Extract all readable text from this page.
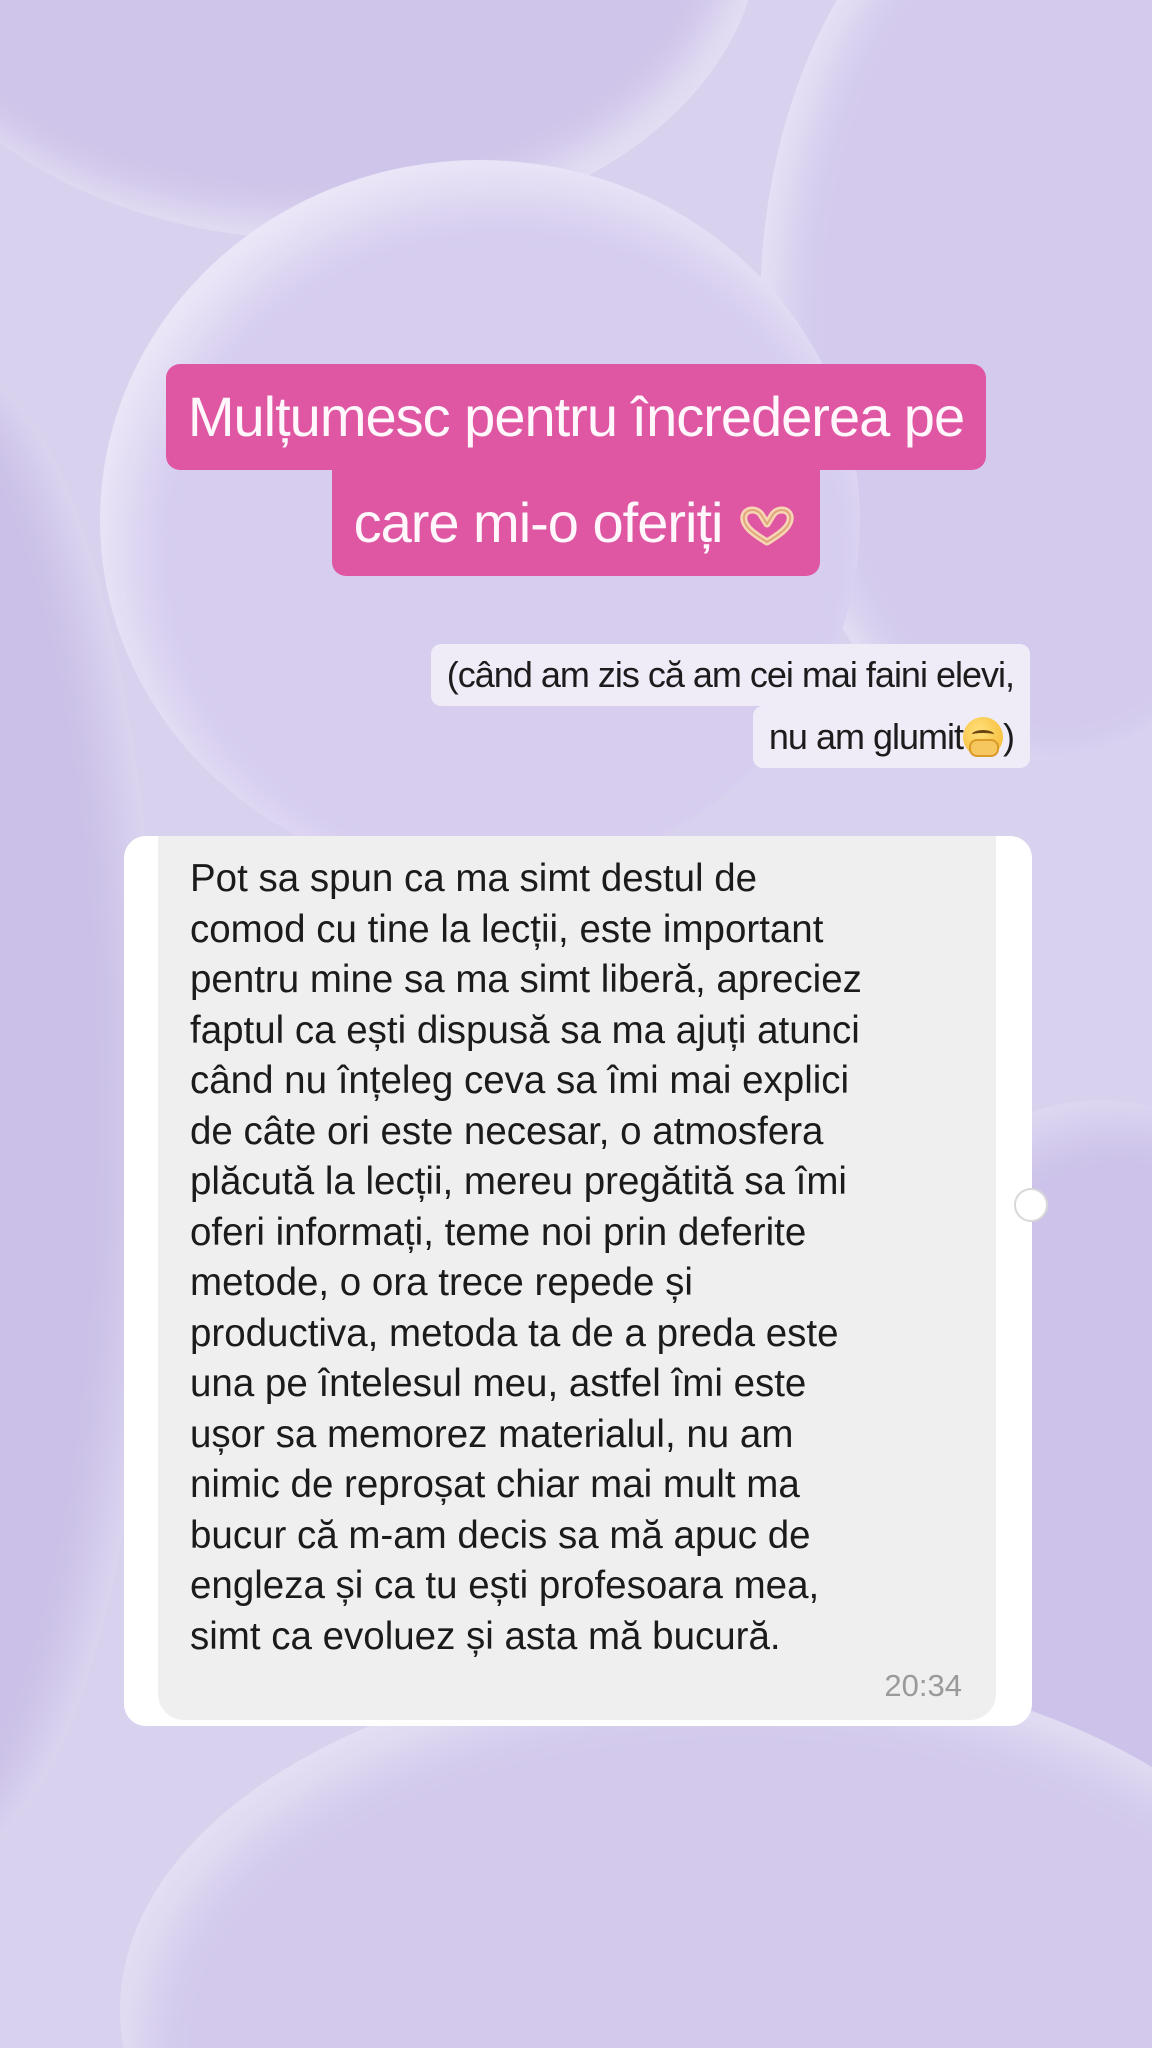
Mulțumesc pentru încrederea pe
care mi-o oferiți
(când am zis că am cei mai faini elevi,
nu am glumit )
Pot sa spun ca ma simt destul de
comod cu tine la lecții, este important
pentru mine sa ma simt liberă, apreciez
faptul ca ești dispusă sa ma ajuți atunci
când nu înțeleg ceva sa îmi mai explici
de câte ori este necesar, o atmosfera
plăcută la lecții, mereu pregătită sa îmi
oferi informați, teme noi prin deferite
metode, o ora trece repede și
productiva, metoda ta de a preda este
una pe întelesul meu, astfel îmi este
ușor sa memorez materialul, nu am
nimic de reproșat chiar mai mult ma
bucur că m-am decis sa mă apuc de
engleza și ca tu ești profesoara mea,
simt ca evoluez și asta mă bucură.
20:34
